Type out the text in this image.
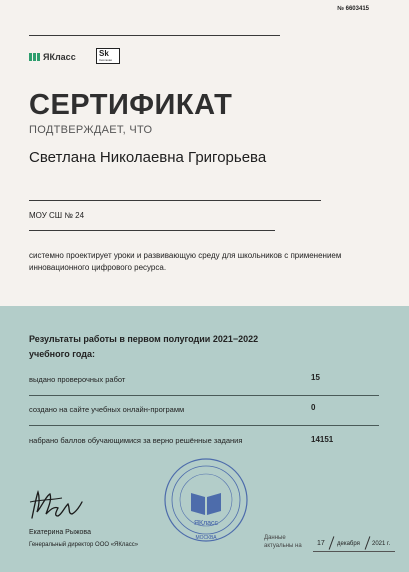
№ 6603415
ЯКласс	Sk
Сколково
СЕРТИФИКАТ
ПОДТВЕРЖДАЕТ, ЧТО
Светлана Николаевна Григорьева
МОУ СШ № 24
системно проектирует уроки и развивающую среду для школьников с применением инновационного цифрового ресурса.
Результаты работы в первом полугодии 2021−2022 учебного года:
выдано проверочных работ	15
создано на сайте учебных онлайн-программ	0
набрано баллов обучающимися за верно решённые задания	14151
Екатерина Рыжова
Генеральный директор ООО «ЯКласс»
ЯКласс
МОСКВА	Данные актуальны на	17 декабря 2021 г.
